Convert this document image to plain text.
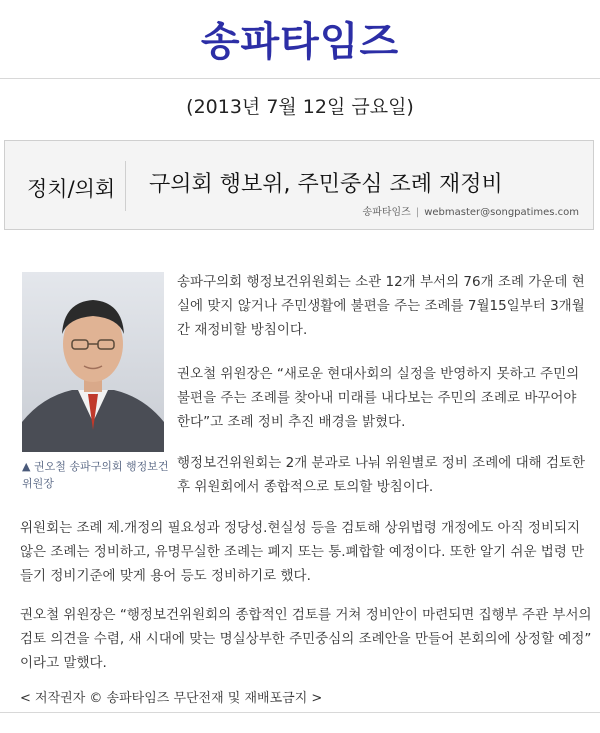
송파타임즈
(2013년 7월 12일 금요일)
정치/의회 구의회 행보위, 주민중심 조례 재정비
송파타임즈 | webmaster@songpatimes.com
▲ 권오철 송파구의회 행정보건위원장

송파구의회 행정보건위원회는 소관 12개 부서의 76개 조례 가운데 현실에 맞지 않거나 주민생활에 불편을 주는 조례를 7월15일부터 3개월간 재정비할 방침이다.

권오철 위원장은 “새로운 현대사회의 실정을 반영하지 못하고 주민의 불편을 주는 조례를 찾아내 미래를 내다보는 주민의 조례로 바꾸어야 한다”고 조례 정비 추진 배경을 밝혔다.

행정보건위원회는 2개 분과로 나눠 위원별로 정비 조례에 대해 검토한 후 위원회에서 종합적으로 토의할 방침이다.

위원회는 조례 제.개정의 필요성과 정당성.현실성 등을 검토해 상위법령 개정에도 아직 정비되지 않은 조례는 정비하고, 유명무실한 조례는 폐지 또는 통.폐합할 예정이다. 또한 알기 쉬운 법령 만들기 정비기준에 맞게 용어 등도 정비하기로 했다.

권오철 위원장은 “행정보건위원회의 종합적인 검토를 거쳐 정비안이 마련되면 집행부 주관 부서의 검토 의견을 수렴, 새 시대에 맞는 명실상부한 주민중심의 조례안을 만들어 본회의에 상정할 예정” 이라고 말했다.

< 저작권자 © 송파타임즈 무단전재 및 재배포금지 >
